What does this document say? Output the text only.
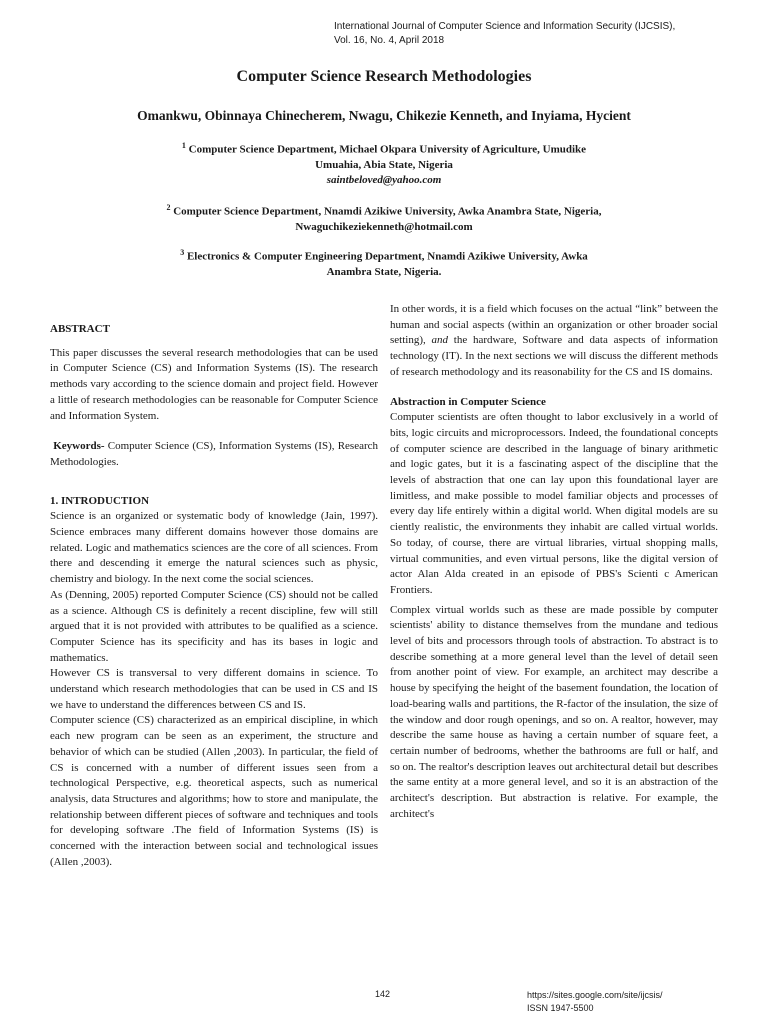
International Journal of Computer Science and Information Security (IJCSIS),
Vol. 16, No. 4, April 2018
Computer Science Research Methodologies
Omankwu, Obinnaya Chinecherem, Nwagu, Chikezie Kenneth, and Inyiama, Hycient
$^1$ Computer Science Department, Michael Okpara University of Agriculture, Umudike
Umuahia, Abia State, Nigeria
saintbeloved@yahoo.com
$^2$ Computer Science Department, Nnamdi Azikiwe University, Awka Anambra State, Nigeria,
Nwaguchikeziekenneth@hotmail.com
$^3$ Electronics & Computer Engineering Department, Nnamdi Azikiwe University, Awka
Anambra State, Nigeria.

ABSTRACT

This paper discusses the several research methodologies that can be used in Computer Science (CS) and Information Systems (IS). The research methods vary according to the science domain and project field. However a little of research methodologies can be reasonable for Computer Science and Information System.

Keywords- Computer Science (CS), Information Systems (IS), Research Methodologies.

1. INTRODUCTION

Science is an organized or systematic body of knowledge (Jain, 1997). Science embraces many different domains however those domains are related. Logic and mathematics sciences are the core of all sciences. From there and descending it emerge the natural sciences such as physic, chemistry and biology. In the next come the social sciences.

As (Denning, 2005) reported Computer Science (CS) should not be called as a science. Although CS is definitely a recent discipline, few will still argued that it is not provided with attributes to be qualified as a science. Computer Science has its specificity and has its bases in logic and mathematics.

However CS is transversal to very different domains in science. To understand which research methodologies that can be used in CS and IS we have to understand the differences between CS and IS.

Computer science (CS) characterized as an empirical discipline, in which each new program can be seen as an experiment, the structure and behavior of which can be studied (Allen ,2003). In particular, the field of CS is concerned with a number of different issues seen from a technological Perspective, e.g. theoretical aspects, such as numerical analysis, data Structures and algorithms; how to store and manipulate, the relationship between different pieces of software and techniques and tools for developing software .The field of Information Systems (IS) is concerned with the interaction between social and technological issues (Allen ,2003).

In other words, it is a field which focuses on the actual “link” between the human and social aspects (within an organization or other broader social setting), and the hardware, Software and data aspects of information technology (IT). In the next sections we will discuss the different methods of research methodology and its reasonability for the CS and IS domains.

Abstraction in Computer Science

Computer scientists are often thought to labor exclusively in a world of bits, logic circuits and microprocessors. Indeed, the foundational concepts of computer science are described in the language of binary arithmetic and logic gates, but it is a fascinating aspect of the discipline that the levels of abstraction that one can lay upon this foundational layer are limitless, and make possible to model familiar objects and processes of every day life entirely within a digital world. When digital models are su ciently realistic, the environments they inhabit are called virtual worlds. So today, of course, there are virtual libraries, virtual shopping malls, virtual communities, and even virtual persons, like the digital version of actor Alan Alda created in an episode of PBS's Scienti c American Frontiers.

Complex virtual worlds such as these are made possible by computer scientists' ability to distance themselves from the mundane and tedious level of bits and processors through tools of abstraction. To abstract is to describe something at a more general level than the level of detail seen from another point of view. For example, an architect may describe a house by specifying the height of the basement foundation, the location of load-bearing walls and partitions, the R-factor of the insulation, the size of the window and door rough openings, and so on. A realtor, however, may describe the same house as having a certain number of square feet, a certain number of bedrooms, whether the bathrooms are full or half, and so on. The realtor's description leaves out architectural detail but describes the same entity at a more general level, and so it is an abstraction of the architect's description. But abstraction is relative. For example, the architect's

142	https://sites.google.com/site/ijcsis/
ISSN 1947-5500
